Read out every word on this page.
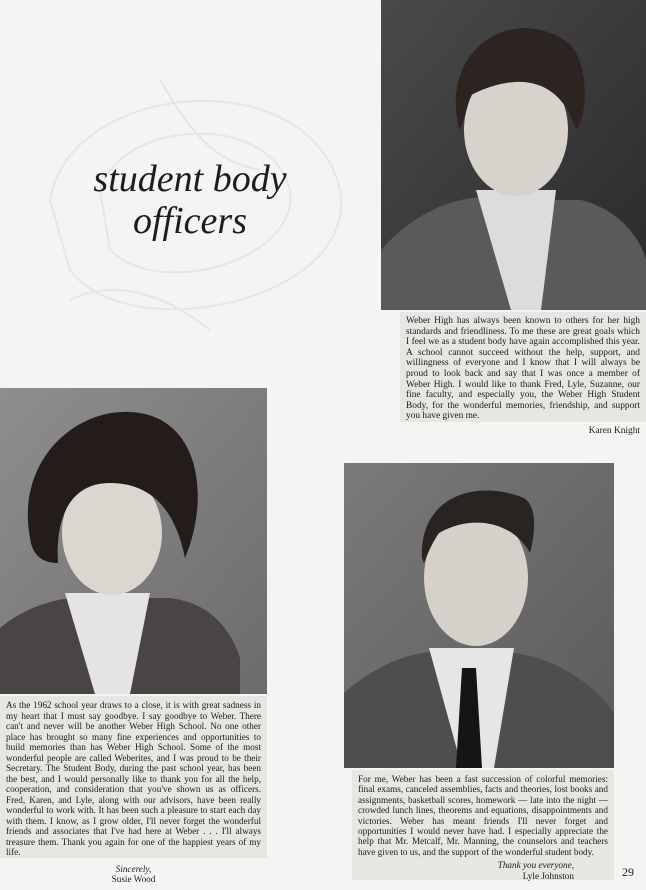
student body
officers
Weber High has always been known to others for her high standards and friendliness. To me these are great goals which I feel we as a student body have again accomplished this year. A school cannot succeed without the help, support, and willingness of everyone and I know that I will always be proud to look back and say that I was once a member of Weber High. I would like to thank Fred, Lyle, Suzanne, our fine faculty, and especially you, the Weber High Student Body, for the wonderful memories, friendship, and support you have given me.
Karen Knight
As the 1962 school year draws to a close, it is with great sadness in my heart that I must say goodbye. I say goodbye to Weber. There can't and never will be another Weber High School. No one other place has brought so many fine experiences and opportunities to build memories than has Weber High School. Some of the most wonderful people are called Weberites, and I was proud to be their Secretary. The Student Body, during the past school year, has been the best, and I would personally like to thank you for all the help, cooperation, and consideration that you've shown us as officers. Fred, Karen, and Lyle, along with our advisors, have been really wonderful to work with. It has been such a pleasure to start each day with them. I know, as I grow older, I'll never forget the wonderful friends and associates that I've had here at Weber . . . I'll always treasure them. Thank you again for one of the happiest years of my life.
Sincerely,
Susie Wood
For me, Weber has been a fast succession of colorful memories: final exams, canceled assemblies, facts and theories, lost books and assignments, basketball scores, homework — late into the night — crowded lunch lines, theorems and equations, disappointments and victories. Weber has meant friends I'll never forget and opportunities I would never have had. I especially appreciate the help that Mr. Metcalf, Mr. Manning, the counselors and teachers have given to us, and the support of the wonderful student body.
Thank you everyone,
Lyle Johnston	29
